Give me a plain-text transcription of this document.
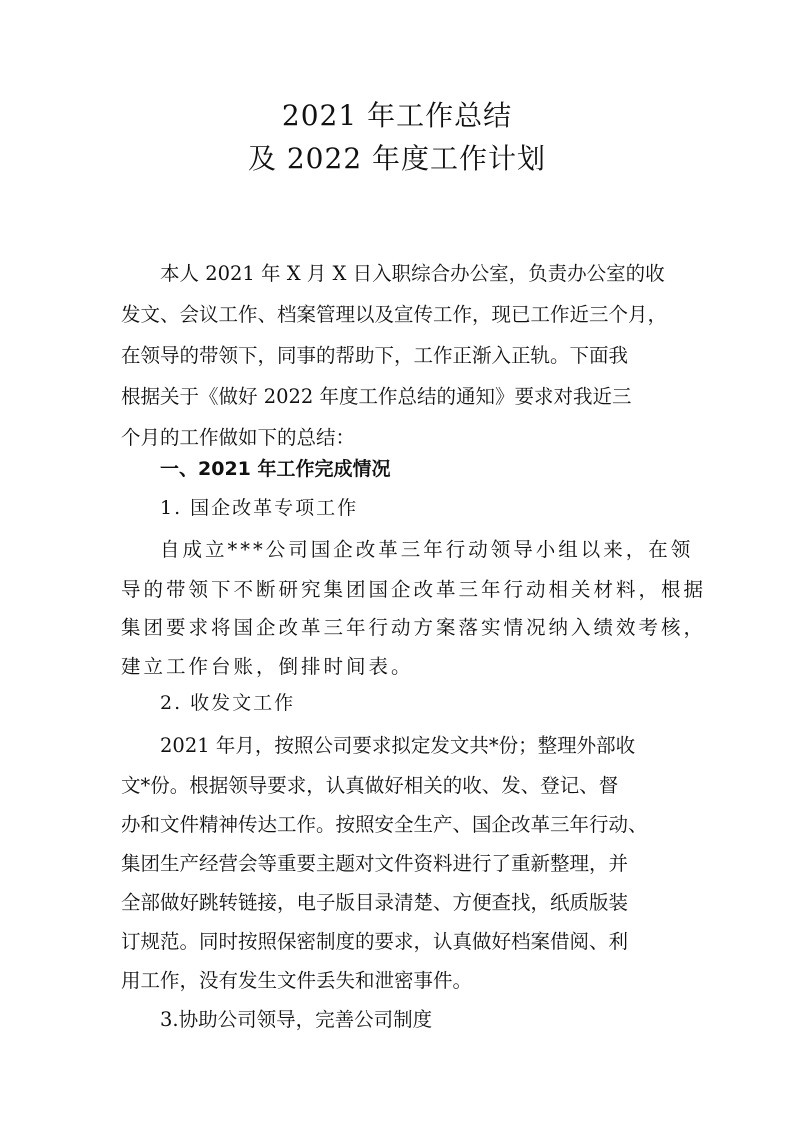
2021 年工作总结
及 2022 年度工作计划
本人 2021 年 X 月 X 日入职综合办公室，负责办公室的收
发文、会议工作、档案管理以及宣传工作，现已工作近三个月，
在领导的带领下，同事的帮助下，工作正渐入正轨。下面我
根据关于《做好 2022 年度工作总结的通知》要求对我近三
个月的工作做如下的总结：
一、2021 年工作完成情况
1. 国企改革专项工作
自成立***公司国企改革三年行动领导小组以来，在领
导的带领下不断研究集团国企改革三年行动相关材料，根据
集团要求将国企改革三年行动方案落实情况纳入绩效考核，
建立工作台账，倒排时间表。
2. 收发文工作
2021 年月，按照公司要求拟定发文共*份；整理外部收
文*份。根据领导要求，认真做好相关的收、发、登记、督
办和文件精神传达工作。按照安全生产、国企改革三年行动、
集团生产经营会等重要主题对文件资料进行了重新整理，并
全部做好跳转链接，电子版目录清楚、方便查找，纸质版装
订规范。同时按照保密制度的要求，认真做好档案借阅、利
用工作，没有发生文件丢失和泄密事件。
3.协助公司领导，完善公司制度
